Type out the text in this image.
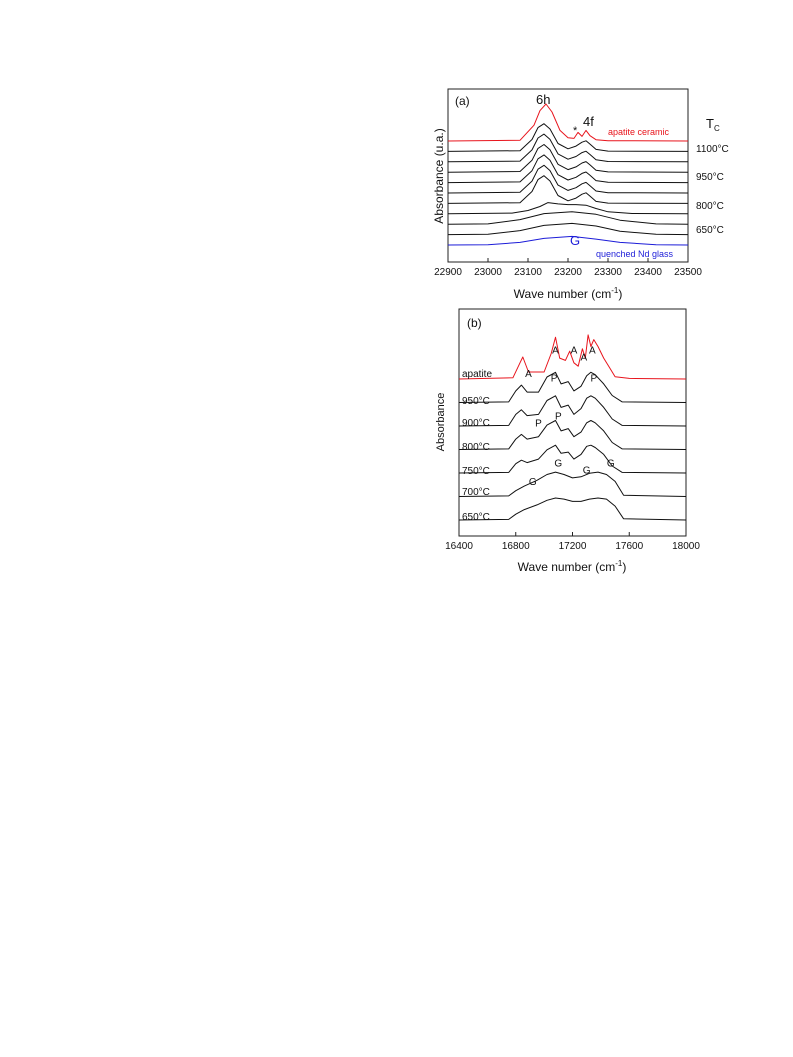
22900 23000 23100 23200 23300 23400 23500
(a)	6h
4f
*
G
apatite ceramic
quenched Nd glass
$T_C$
1100°C
950°C
800°C
650°C
Absorbance (u.a.)
Wave number $(cm^{-1})$
A
A A
A
A
P	P
P
P
G
G
G
G
16400	16800	17200	17600	18000
(b)
apatite
950°C
900°C
800°C
750°C
700°C
650°C
Absorbance
Wave number $(cm^{-1})$
